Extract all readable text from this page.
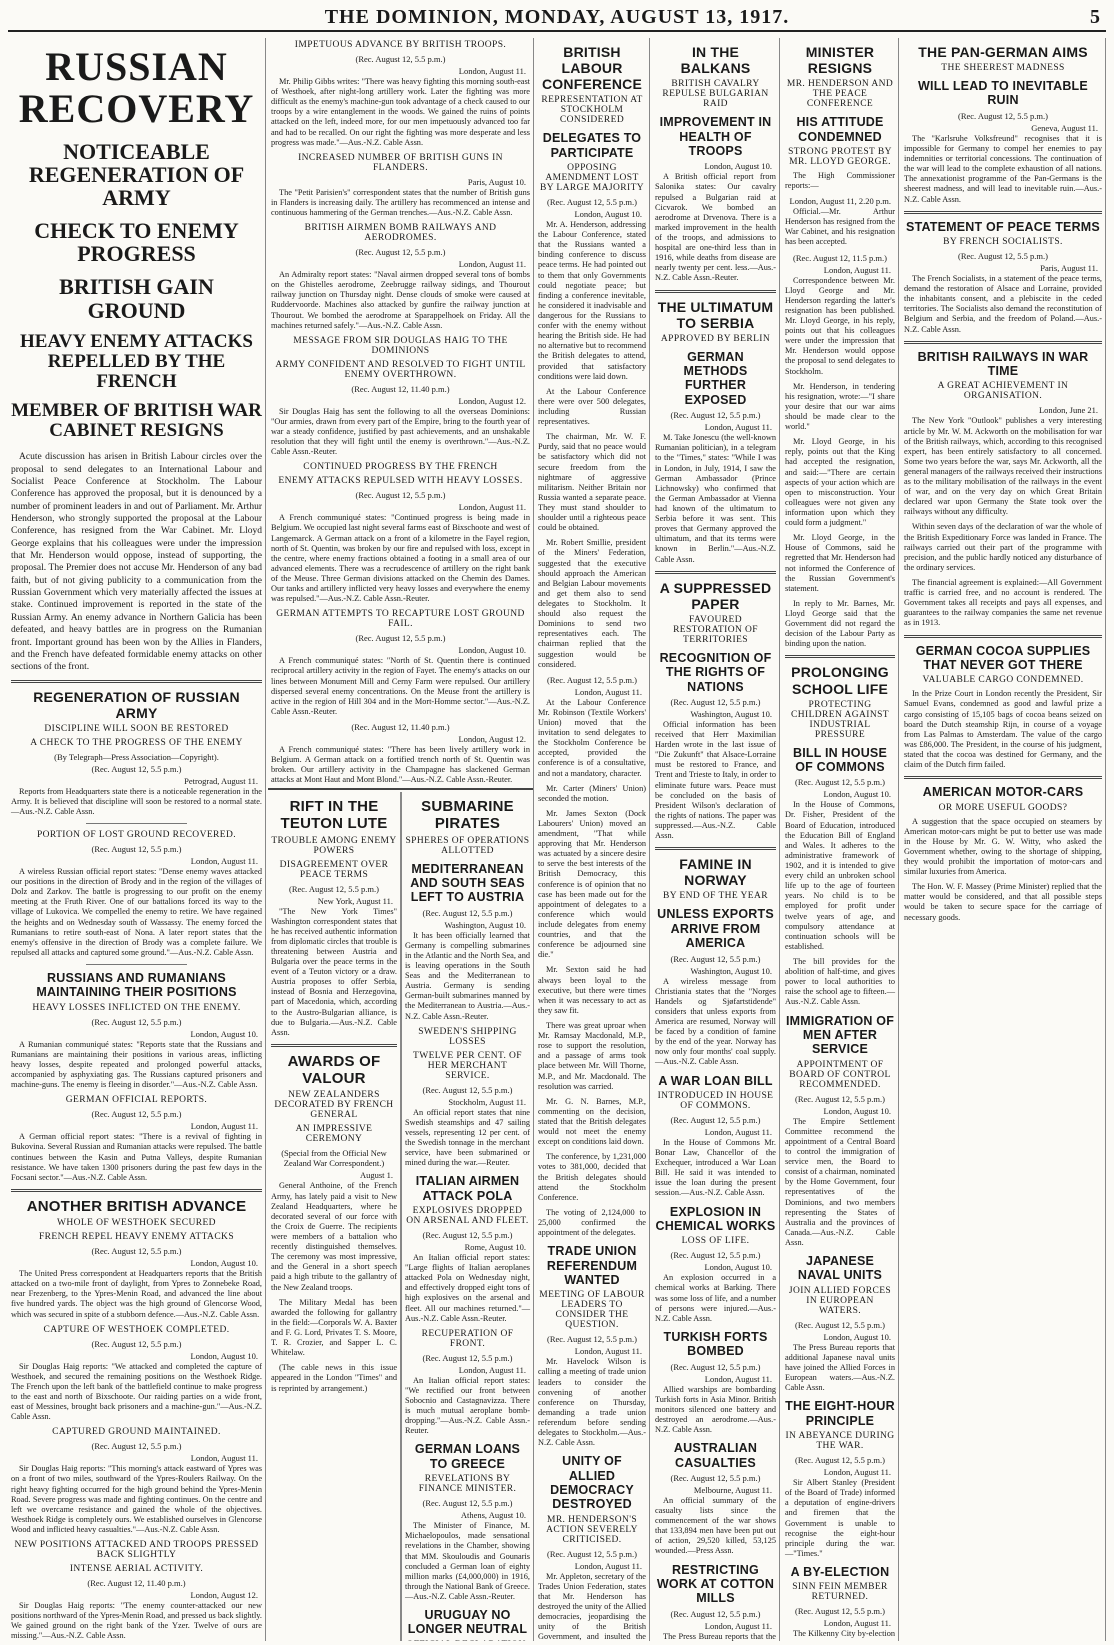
THE DOMINION, MONDAY, AUGUST 13, 1917.	5
RUSSIAN RECOVERY
NOTICEABLE REGENERATION OF ARMY
CHECK TO ENEMY PROGRESS
BRITISH GAIN GROUND
HEAVY ENEMY ATTACKS REPELLED BY THE FRENCH
MEMBER OF BRITISH WAR CABINET RESIGNS

Acute discussion has arisen in British Labour circles over the proposal to send delegates to an International Labour and Socialist Peace Conference at Stockholm. The Labour Conference has approved the proposal, but it is denounced by a number of prominent leaders in and out of Parliament. Mr. Arthur Henderson, who strongly supported the proposal at the Labour Conference, has resigned from the War Cabinet. Mr. Lloyd George explains that his colleagues were under the impression that Mr. Henderson would oppose, instead of supporting, the proposal. The Premier does not accuse Mr. Henderson of any bad faith, but of not giving publicity to a communication from the Russian Government which very materially affected the issues at stake. Continued improvement is reported in the state of the Russian Army. An enemy advance in Northern Galicia has been defeated, and heavy battles are in progress on the Rumanian front. Important ground has been won by the Allies in Flanders, and the French have defeated formidable enemy attacks on other sections of the front.

REGENERATION OF RUSSIAN ARMY
DISCIPLINE WILL SOON BE RESTORED
A CHECK TO THE PROGRESS OF THE ENEMY
(By Telegraph—Press Association—Copyright).
(Rec. August 12, 5.5 p.m.)
Petrograd, August 11.

Reports from Headquarters state there is a noticeable regeneration in the Army. It is believed that discipline will soon be restored to a normal state.—Aus.-N.Z. Cable Assn.

PORTION OF LOST GROUND RECOVERED.
(Rec. August 12, 5.5 p.m.)
London, August 11.

A wireless Russian official report states: "Dense enemy waves attacked our positions in the direction of Brody and in the region of the villages of Dolz and Zarkov. The battle is progressing to our profit on the enemy meeting at the Fruth River. One of our battalions forced its way to the village of Lukovica. We compelled the enemy to retire. We have regained the heights and on Wednesday south of Wassassy. The enemy forced the Rumanians to retire south-east of Nona. A later report states that the enemy's offensive in the direction of Brody was a complete failure. We repulsed all attacks and captured some ground."—Aus.-N.Z. Cable Assn.

RUSSIANS AND RUMANIANS MAINTAINING THEIR POSITIONS
HEAVY LOSSES INFLICTED ON THE ENEMY.
(Rec. August 12, 5.5 p.m.)
London, August 10.

A Rumanian communiqué states: "Reports state that the Russians and Rumanians are maintaining their positions in various areas, inflicting heavy losses, despite repeated and prolonged powerful attacks, accompanied by asphyxiating gas. The Russians captured prisoners and machine-guns. The enemy is fleeing in disorder."—Aus.-N.Z. Cable Assn.

GERMAN OFFICIAL REPORTS.
(Rec. August 12, 5.5 p.m.)
London, August 11.

A German official report states: "There is a revival of fighting in Bukovina. Several Russian and Rumanian attacks were repulsed. The battle continues between the Kasin and Putna Valleys, despite Rumanian resistance. We have taken 1300 prisoners during the past few days in the Focsani sector."—Aus.-N.Z. Cable Assn.

ANOTHER BRITISH ADVANCE
WHOLE OF WESTHOEK SECURED
FRENCH REPEL HEAVY ENEMY ATTACKS
(Rec. August 12, 5.5 p.m.)
London, August 10.

The United Press correspondent at Headquarters reports that the British attacked on a two-mile front of daylight, from Ypres to Zonnebeke Road, near Frezenberg, to the Ypres-Menin Road, and advanced the line about five hundred yards. The object was the high ground of Glencorse Wood, which was secured in spite of a stubborn defence.—Aus.-N.Z. Cable Assn.

CAPTURE OF WESTHOEK COMPLETED.
(Rec. August 12, 5.5 p.m.)
London, August 10.

Sir Douglas Haig reports: "We attacked and completed the capture of Westhoek, and secured the remaining positions on the Westhoek Ridge. The French upon the left bank of the battlefield continue to make progress to the east and north of Bixschoote. Our raiding parties on a wide front, east of Messines, brought back prisoners and a machine-gun."—Aus.-N.Z. Cable Assn.

CAPTURED GROUND MAINTAINED.
(Rec. August 12, 5.5 p.m.)
London, August 11.

Sir Douglas Haig reports: "This morning's attack eastward of Ypres was on a front of two miles, southward of the Ypres-Roulers Railway. On the right heavy fighting occurred for the high ground behind the Ypres-Menin Road. Severe progress was made and fighting continues. On the centre and left we overcame resistance and gained the whole of the objectives. Westhoek Ridge is completely ours. We established ourselves in Glencorse Wood and inflicted heavy casualties."—Aus.-N.Z. Cable Assn.

NEW POSITIONS ATTACKED AND TROOPS PRESSED BACK SLIGHTLY
INTENSE AERIAL ACTIVITY.
(Rec. August 12, 11.40 p.m.)
London, August 12.

Sir Douglas Haig reports: "The enemy counter-attacked our new positions northward of the Ypres-Menin Road, and pressed us back slightly. We gained ground on the right bank of the Yzer. Twelve of ours are missing."—Aus.-N.Z. Cable Assn.

IMPETUOUS ADVANCE BY BRITISH TROOPS.
(Rec. August 12, 5.5 p.m.)
London, August 11.

Mr. Philip Gibbs writes: "There was heavy fighting this morning south-east of Westhoek, after night-long artillery work. Later the fighting was more difficult as the enemy's machine-gun took advantage of a check caused to our troops by a wire entanglement in the woods. We gained the ruins of points attacked on the left, indeed more, for our men impetuously advanced too far and had to be recalled. On our right the fighting was more desperate and less progress was made."—Aus.-N.Z. Cable Assn.

INCREASED NUMBER OF BRITISH GUNS IN FLANDERS.
Paris, August 10.

The "Petit Parisien's" correspondent states that the number of British guns in Flanders is increasing daily. The artillery has recommenced an intense and continuous hammering of the German trenches.—Aus.-N.Z. Cable Assn.

BRITISH AIRMEN BOMB RAILWAYS AND AERODROMES.
(Rec. August 12, 5.5 p.m.)
London, August 11.

An Admiralty report states: "Naval airmen dropped several tons of bombs on the Ghistelles aerodrome, Zeebrugge railway sidings, and Thourout railway junction on Thursday night. Dense clouds of smoke were caused at Ruddervoorde. Machines also attacked by gunfire the railway junction at Thourout. We bombed the aerodrome at Sparappelhoek on Friday. All the machines returned safely."—Aus.-N.Z. Cable Assn.

MESSAGE FROM SIR DOUGLAS HAIG TO THE DOMINIONS
ARMY CONFIDENT AND RESOLVED TO FIGHT UNTIL ENEMY OVERTHROWN.
(Rec. August 12, 11.40 p.m.)
London, August 12.

Sir Douglas Haig has sent the following to all the overseas Dominions: "Our armies, drawn from every part of the Empire, bring to the fourth year of war a steady confidence, justified by past achievements, and an unshakable resolution that they will fight until the enemy is overthrown."—Aus.-N.Z. Cable Assn.-Reuter.

CONTINUED PROGRESS BY THE FRENCH
ENEMY ATTACKS REPULSED WITH HEAVY LOSSES.
(Rec. August 12, 5.5 p.m.)
London, August 11.

A French communiqué states: "Continued progress is being made in Belgium. We occupied last night several farms east of Bixschoote and west of Langemarck. A German attack on a front of a kilometre in the Fayel region, north of St. Quentin, was broken by our fire and repulsed with loss, except in the centre, where enemy fractions obtained a footing in a small area of our advanced elements. There was a recrudescence of artillery on the right bank of the Meuse. Three German divisions attacked on the Chemin des Dames. Our tanks and artillery inflicted very heavy losses and everywhere the enemy was repulsed."—Aus.-N.Z. Cable Assn.-Reuter.

GERMAN ATTEMPTS TO RECAPTURE LOST GROUND FAIL.
(Rec. August 12, 5.5 p.m.)
London, August 10.

A French communiqué states: "North of St. Quentin there is continued reciprocal artillery activity in the region of Fayet. The enemy's attacks on our lines between Monument Mill and Cerny Farm were repulsed. Our artillery dispersed several enemy concentrations. On the Meuse front the artillery is active in the region of Hill 304 and in the Mort-Homme sector."—Aus.-N.Z. Cable Assn.-Reuter.

(Rec. August 12, 11.40 p.m.)
London, August 12.

A French communiqué states: "There has been lively artillery work in Belgium. A German attack on a fortified trench north of St. Quentin was broken. Our artillery activity in the Champagne has slackened German attacks at Mont Haut and Mont Blond."—Aus.-N.Z. Cable Assn.-Reuter.

RIFT IN THE TEUTON LUTE
TROUBLE AMONG ENEMY POWERS
DISAGREEMENT OVER PEACE TERMS
(Rec. August 12, 5.5 p.m.)
New York, August 11.

"The New York Times" Washington correspondent states that he has received authentic information from diplomatic circles that trouble is threatening between Austria and Bulgaria over the peace terms in the event of a Teuton victory or a draw. Austria proposes to offer Serbia, instead of Bosnia and Herzegovina, part of Macedonia, which, according to the Austro-Bulgarian alliance, is due to Bulgaria.—Aus.-N.Z. Cable Assn.

AWARDS OF VALOUR
NEW ZEALANDERS DECORATED BY FRENCH GENERAL
AN IMPRESSIVE CEREMONY
(Special from the Official New Zealand War Correspondent.)
August 1.

General Anthoine, of the French Army, has lately paid a visit to New Zealand Headquarters, where he decorated several of our force with the Croix de Guerre. The recipients were members of a battalion who recently distinguished themselves. The ceremony was most impressive, and the General in a short speech paid a high tribute to the gallantry of the New Zealand troops.

The Military Medal has been awarded the following for gallantry in the field:—Corporals W. A. Baxter and F. G. Lord, Privates T. S. Moore, T. R. Crozier, and Sapper L. C. Whitelaw.

(The cable news in this issue appeared in the London "Times" and is reprinted by arrangement.)

SUBMARINE PIRATES
SPHERES OF OPERATIONS ALLOTTED
MEDITERRANEAN AND SOUTH SEAS LEFT TO AUSTRIA
(Rec. August 12, 5.5 p.m.)
Washington, August 10.

It has been officially learned that Germany is compelling submarines in the Atlantic and the North Sea, and is leaving operations in the South Seas and the Mediterranean to Austria. Germany is sending German-built submarines manned by the Mediterranean to Austria.—Aus.-N.Z. Cable Assn.-Reuter.

SWEDEN'S SHIPPING LOSSES
TWELVE PER CENT. OF HER MERCHANT SERVICE.
(Rec. August 12, 5.5 p.m.)
Stockholm, August 11.

An official report states that nine Swedish steamships and 47 sailing vessels, representing 12 per cent. of the Swedish tonnage in the merchant service, have been submarined or mined during the war.—Reuter.

ITALIAN AIRMEN ATTACK POLA
EXPLOSIVES DROPPED ON ARSENAL AND FLEET.
(Rec. August 12, 5.5 p.m.)
Rome, August 10.

An Italian official report states: "Large flights of Italian aeroplanes attacked Pola on Wednesday night, and effectively dropped eight tons of high explosives on the arsenal and fleet. All our machines returned."—Aus.-N.Z. Cable Assn.-Reuter.

RECUPERATION OF FRONT.
(Rec. August 12, 5.5 p.m.)
London, August 11.

An Italian official report states: "We rectified our front between Sobocnio and Castagnavizza. There is much mutual aeroplane bomb-dropping."—Aus.-N.Z. Cable Assn.-Reuter.

GERMAN LOANS TO GREECE
REVELATIONS BY FINANCE MINISTER.
(Rec. August 12, 5.5 p.m.)
Athens, August 10.

The Minister of Finance, M. Michaelopoulos, made sensational revelations in the Chamber, showing that MM. Skouloudis and Gounaris concluded a German loan of eighty million marks (£4,000,000) in 1916, through the National Bank of Greece.—Aus.-N.Z. Cable Assn.-Reuter.

URUGUAY NO LONGER NEUTRAL

BRITISH LABOUR CONFERENCE
REPRESENTATION AT STOCKHOLM CONSIDERED
DELEGATES TO PARTICIPATE
OPPOSING AMENDMENT LOST BY LARGE MAJORITY
(Rec. August 12, 5.5 p.m.)
London, August 10.

Mr. A. Henderson, addressing the Labour Conference, stated that the Russians wanted a binding conference to discuss peace terms. He had pointed out to them that only Governments could negotiate peace; but finding a conference inevitable, he considered it inadvisable and dangerous for the Russians to confer with the enemy without hearing the British side. He had no alternative but to recommend the British delegates to attend, provided that satisfactory conditions were laid down.

At the Labour Conference there were over 500 delegates, including Russian representatives.

The chairman, Mr. W. F. Purdy, said that no peace would be satisfactory which did not secure freedom from the nightmare of aggressive militarism. Neither Britain nor Russia wanted a separate peace. They must stand shoulder to shoulder until a righteous peace could be obtained.

Mr. Robert Smillie, president of the Miners' Federation, suggested that the executive should approach the American and Belgian Labour movements and get them also to send delegates to Stockholm. It should also request the Dominions to send two representatives each. The chairman replied that the suggestion would be considered.

(Rec. August 12, 5.5 p.m.)
London, August 11.

At the Labour Conference Mr. Robinson (Textile Workers' Union) moved that the invitation to send delegates to the Stockholm Conference be accepted, provided the conference is of a consultative, and not a mandatory, character.

Mr. Carter (Miners' Union) seconded the motion.

Mr. James Sexton (Dock Labourers' Union) moved an amendment, "That while approving that Mr. Henderson was actuated by a sincere desire to serve the best interests of the British Democracy, this conference is of opinion that no case has been made out for the appointment of delegates to a conference which would include delegates from enemy countries, and that the conference be adjourned sine die."

Mr. Sexton said he had always been loyal to the executive, but there were times when it was necessary to act as they saw fit.

There was great uproar when Mr. Ramsay Macdonald, M.P., rose to support the resolution, and a passage of arms took place between Mr. Will Thorne, M.P., and Mr. Macdonald. The resolution was carried.

Mr. G. N. Barnes, M.P., commenting on the decision, stated that the British delegates would not meet the enemy except on conditions laid down.

The conference, by 1,231,000 votes to 381,000, decided that the British delegates should attend the Stockholm Conference.

The voting of 2,124,000 to 25,000 confirmed the appointment of the delegates.

TRADE UNION REFERENDUM WANTED
MEETING OF LABOUR LEADERS TO CONSIDER THE QUESTION.
(Rec. August 12, 5.5 p.m.)
London, August 11.

Mr. Havelock Wilson is calling a meeting of trade union leaders to consider the convening of another conference on Thursday, demanding a trade union referendum before sending delegates to Stockholm.—Aus.-N.Z. Cable Assn.

UNITY OF ALLIED DEMOCRACY DESTROYED
MR. HENDERSON'S ACTION SEVERELY CRITICISED.
(Rec. August 12, 5.5 p.m.)
London, August 11.

Mr. Appleton, secretary of the Trades Union Federation, states that Mr. Henderson has destroyed the unity of the Allied democracies, jeopardising the unity of the British Government, and insulted the

IN THE BALKANS
BRITISH CAVALRY REPULSE BULGARIAN RAID
IMPROVEMENT IN HEALTH OF TROOPS
London, August 10.

A British official report from Salonika states: Our cavalry repulsed a Bulgarian raid at Cicvarok. We bombed an aerodrome at Drvenova. There is a marked improvement in the health of the troops, and admissions to hospital are one-third less than in 1916, while deaths from disease are nearly twenty per cent. less.—Aus.-N.Z. Cable Assn.-Reuter.

THE ULTIMATUM TO SERBIA
APPROVED BY BERLIN
GERMAN METHODS FURTHER EXPOSED
(Rec. August 12, 5.5 p.m.)
London, August 11.

M. Take Jonescu (the well-known Rumanian politician), in a telegram to the "Times," states: "While I was in London, in July, 1914, I saw the German Ambassador (Prince Lichnowsky) who confirmed that the German Ambassador at Vienna had known of the ultimatum to Serbia before it was sent. This proves that Germany approved the ultimatum, and that its terms were known in Berlin."—Aus.-N.Z. Cable Assn.

A SUPPRESSED PAPER
FAVOURED RESTORATION OF TERRITORIES
RECOGNITION OF THE RIGHTS OF NATIONS
(Rec. August 12, 5.5 p.m.)
Washington, August 10.

Official information has been received that Herr Maximilian Harden wrote in the last issue of "Die Zukunft" that Alsace-Lorraine must be restored to France, and Trent and Trieste to Italy, in order to eliminate future wars. Peace must be concluded on the basis of President Wilson's declaration of the rights of nations. The paper was suppressed.—Aus.-N.Z. Cable Assn.

FAMINE IN NORWAY
BY END OF THE YEAR
UNLESS EXPORTS ARRIVE FROM AMERICA
(Rec. August 12, 5.5 p.m.)
Washington, August 10.

A wireless message from Christiania states that the "Norges Handels og Sjøfartstidende" considers that unless exports from America are resumed, Norway will be faced by a condition of famine by the end of the year. Norway has now only four months' coal supply.—Aus.-N.Z. Cable Assn.

A WAR LOAN BILL
INTRODUCED IN HOUSE OF COMMONS.
(Rec. August 12, 5.5 p.m.)
London, August 11.

In the House of Commons Mr. Bonar Law, Chancellor of the Exchequer, introduced a War Loan Bill. He said it was intended to issue the loan during the present session.—Aus.-N.Z. Cable Assn.

EXPLOSION IN CHEMICAL WORKS
LOSS OF LIFE.
(Rec. August 12, 5.5 p.m.)
London, August 10.

An explosion occurred in a chemical works at Barking. There was some loss of life, and a number of persons were injured.—Aus.-N.Z. Cable Assn.

TURKISH FORTS BOMBED
(Rec. August 12, 5.5 p.m.)
London, August 11.

Allied warships are bombarding Turkish forts in Asia Minor. British monitors silenced one battery and destroyed an aerodrome.—Aus.-N.Z. Cable Assn.

AUSTRALIAN CASUALTIES
(Rec. August 12, 5.5 p.m.)
Melbourne, August 11.

An official summary of the casualty lists since the commencement of the war shows that 133,894 men have been put out of action, 29,520 killed, 53,125 wounded.—Press Assn.

RESTRICTING WORK AT COTTON MILLS
(Rec. August 12, 5.5 p.m.)
London, August 11.

The Press Bureau reports that the

MINISTER RESIGNS
MR. HENDERSON AND THE PEACE CONFERENCE
HIS ATTITUDE CONDEMNED
STRONG PROTEST BY MR. LLOYD GEORGE.

The High Commissioner reports:—

London, August 11, 2.20 p.m.

Official.—Mr. Arthur Henderson has resigned from the War Cabinet, and his resignation has been accepted.

(Rec. August 12, 11.5 p.m.)
London, August 11.

Correspondence between Mr. Lloyd George and Mr. Henderson regarding the latter's resignation has been published. Mr. Lloyd George, in his reply, points out that his colleagues were under the impression that Mr. Henderson would oppose the proposal to send delegates to Stockholm.

Mr. Henderson, in tendering his resignation, wrote:—"I share your desire that our war aims should be made clear to the world."

Mr. Lloyd George, in his reply, points out that the King had accepted the resignation, and said:—"There are certain aspects of your action which are open to misconstruction. Your colleagues were not given any information upon which they could form a judgment."

Mr. Lloyd George, in the House of Commons, said he regretted that Mr. Henderson had not informed the Conference of the Russian Government's statement.

In reply to Mr. Barnes, Mr. Lloyd George said that the Government did not regard the decision of the Labour Party as binding upon the nation.

PROLONGING SCHOOL LIFE
PROTECTING CHILDREN AGAINST INDUSTRIAL PRESSURE
BILL IN HOUSE OF COMMONS
(Rec. August 12, 5.5 p.m.)
London, August 10.

In the House of Commons, Dr. Fisher, President of the Board of Education, introduced the Education Bill of England and Wales. It adheres to the administrative framework of 1902, and it is intended to give every child an unbroken school life up to the age of fourteen years. No child is to be employed for profit under twelve years of age, and compulsory attendance at continuation schools will be established.

The bill provides for the abolition of half-time, and gives power to local authorities to raise the school age to fifteen.—Aus.-N.Z. Cable Assn.

IMMIGRATION OF MEN AFTER SERVICE
APPOINTMENT OF BOARD OF CONTROL RECOMMENDED.
(Rec. August 12, 5.5 p.m.)
London, August 10.

The Empire Settlement Committee recommend the appointment of a Central Board to control the immigration of service men, the Board to consist of a chairman, nominated by the Home Government, four representatives of the Dominions, and two members representing the States of Australia and the provinces of Canada.—Aus.-N.Z. Cable Assn.

JAPANESE NAVAL UNITS
JOIN ALLIED FORCES IN EUROPEAN WATERS.
(Rec. August 12, 5.5 p.m.)
London, August 10.

The Press Bureau reports that additional Japanese naval units have joined the Allied Forces in European waters.—Aus.-N.Z. Cable Assn.

THE EIGHT-HOUR PRINCIPLE
IN ABEYANCE DURING THE WAR.
(Rec. August 12, 5.5 p.m.)
London, August 11.

Sir Albert Stanley (President of the Board of Trade) informed a deputation of engine-drivers and firemen that the Government is unable to recognise the eight-hour principle during the war.—"Times."

A BY-ELECTION
SINN FEIN MEMBER RETURNED.
(Rec. August 12, 5.5 p.m.)
London, August 11.

The Kilkenny City by-election

THE PAN-GERMAN AIMS
THE SHEEREST MADNESS
WILL LEAD TO INEVITABLE RUIN
(Rec. August 12, 5.5 p.m.)
Geneva, August 11.

The "Karlsruhe Volksfreund" recognises that it is impossible for Germany to compel her enemies to pay indemnities or territorial concessions. The continuation of the war will lead to the complete exhaustion of all nations. The annexationist programme of the Pan-Germans is the sheerest madness, and will lead to inevitable ruin.—Aus.-N.Z. Cable Assn.

STATEMENT OF PEACE TERMS
BY FRENCH SOCIALISTS.
(Rec. August 12, 5.5 p.m.)
Paris, August 11.

The French Socialists, in a statement of the peace terms, demand the restoration of Alsace and Lorraine, provided the inhabitants consent, and a plebiscite in the ceded territories. The Socialists also demand the reconstitution of Belgium and Serbia, and the freedom of Poland.—Aus.-N.Z. Cable Assn.

BRITISH RAILWAYS IN WAR TIME
A GREAT ACHIEVEMENT IN ORGANISATION.
London, June 21.

The New York "Outlook" publishes a very interesting article by Mr. W. M. Ackworth on the mobilisation for war of the British railways, which, according to this recognised expert, has been entirely satisfactory to all concerned. Some two years before the war, says Mr. Ackworth, all the general managers of the railways received their instructions as to the military mobilisation of the railways in the event of war, and on the very day on which Great Britain declared war upon Germany the State took over the railways without any difficulty.

Within seven days of the declaration of war the whole of the British Expeditionary Force was landed in France. The railways carried out their part of the programme with precision, and the public hardly noticed any disturbance of the ordinary services.

The financial agreement is explained:—All Government traffic is carried free, and no account is rendered. The Government takes all receipts and pays all expenses, and guarantees to the railway companies the same net revenue as in 1913.

GERMAN COCOA SUPPLIES THAT NEVER GOT THERE
VALUABLE CARGO CONDEMNED.

In the Prize Court in London recently the President, Sir Samuel Evans, condemned as good and lawful prize a cargo consisting of 15,105 bags of cocoa beans seized on board the Dutch steamship Rijn, in course of a voyage from Las Palmas to Amsterdam. The value of the cargo was £86,000. The President, in the course of his judgment, stated that the cocoa was destined for Germany, and the claim of the Dutch firm failed.

AMERICAN MOTOR-CARS
OR MORE USEFUL GOODS?

A suggestion that the space occupied on steamers by American motor-cars might be put to better use was made in the House by Mr. G. W. Witty, who asked the Government whether, owing to the shortage of shipping, they would prohibit the importation of motor-cars and similar luxuries from America.

The Hon. W. F. Massey (Prime Minister) replied that the matter would be considered, and that all possible steps would be taken to secure space for the carriage of necessary goods.
